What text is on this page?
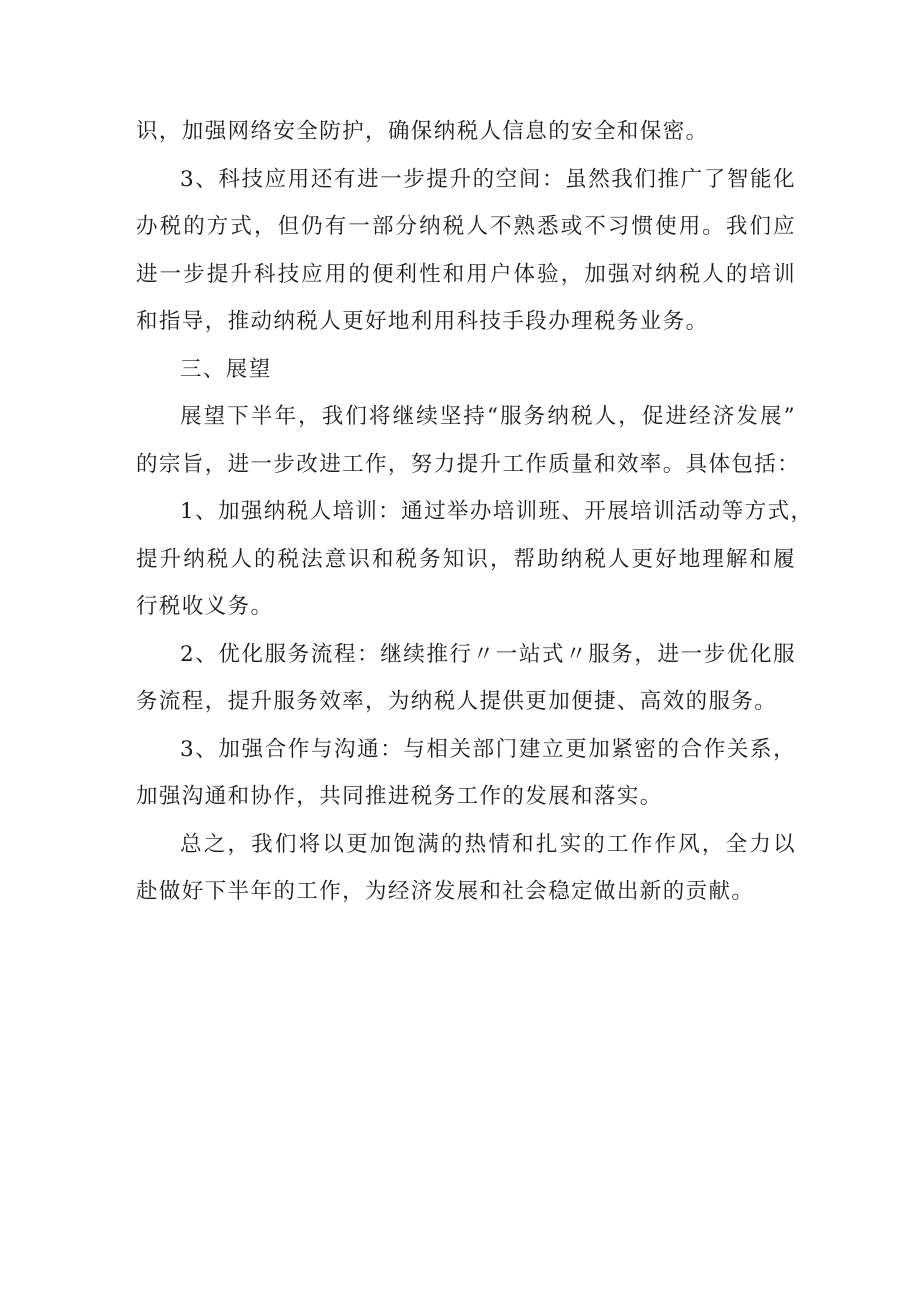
识，加强网络安全防护，确保纳税人信息的安全和保密。
3、科技应用还有进一步提升的空间：虽然我们推广了智能化
办税的方式，但仍有一部分纳税人不熟悉或不习惯使用。我们应
进一步提升科技应用的便利性和用户体验，加强对纳税人的培训
和指导，推动纳税人更好地利用科技手段办理税务业务。
三、展望
展望下半年，我们将继续坚持“服务纳税人，促进经济发展”
的宗旨，进一步改进工作，努力提升工作质量和效率。具体包括：
1、加强纳税人培训：通过举办培训班、开展培训活动等方式，
提升纳税人的税法意识和税务知识，帮助纳税人更好地理解和履
行税收义务。
2、优化服务流程：继续推行〃一站式〃服务，进一步优化服
务流程，提升服务效率，为纳税人提供更加便捷、高效的服务。
3、加强合作与沟通：与相关部门建立更加紧密的合作关系，
加强沟通和协作，共同推进税务工作的发展和落实。
总之，我们将以更加饱满的热情和扎实的工作作风，全力以
赴做好下半年的工作，为经济发展和社会稳定做出新的贡献。
